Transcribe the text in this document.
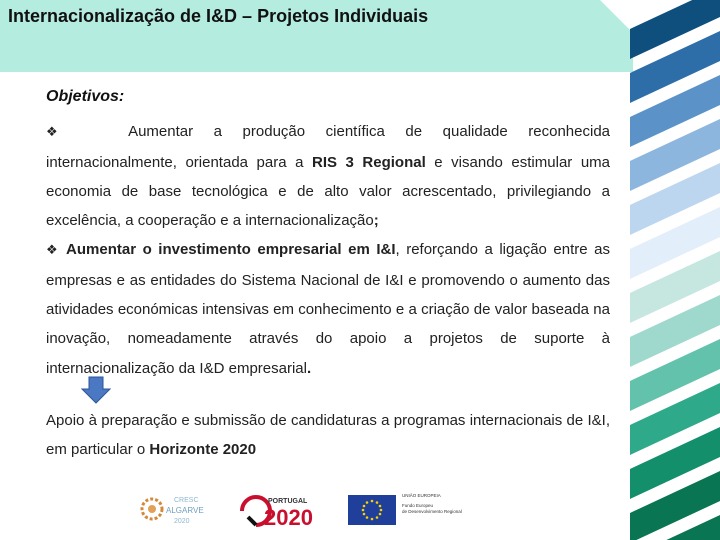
Internacionalização de I&D – Projetos Individuais

Objetivos:

❖	Aumentar a produção científica de qualidade reconhecida internacionalmente, orientada para a RIS 3 Regional e visando estimular uma economia de base tecnológica e de alto valor acrescentado, privilegiando a excelência, a cooperação e a internacionalização;

❖ Aumentar o investimento empresarial em I&I, reforçando a ligação entre as empresas e as entidades do Sistema Nacional de I&I e promovendo o aumento das atividades económicas intensivas em conhecimento e a criação de valor baseada na inovação, nomeadamente através do apoio a projetos de suporte à internacionalização da I&D empresarial.

Apoio à preparação e submissão de candidaturas a programas internacionais de I&I, em particular o Horizonte 2020
CRESC
ALGARVE
2020
PORTUGAL
2020
UNIÃO EUROPEIA
Fundo Europeu
de Desenvolvimento Regional
